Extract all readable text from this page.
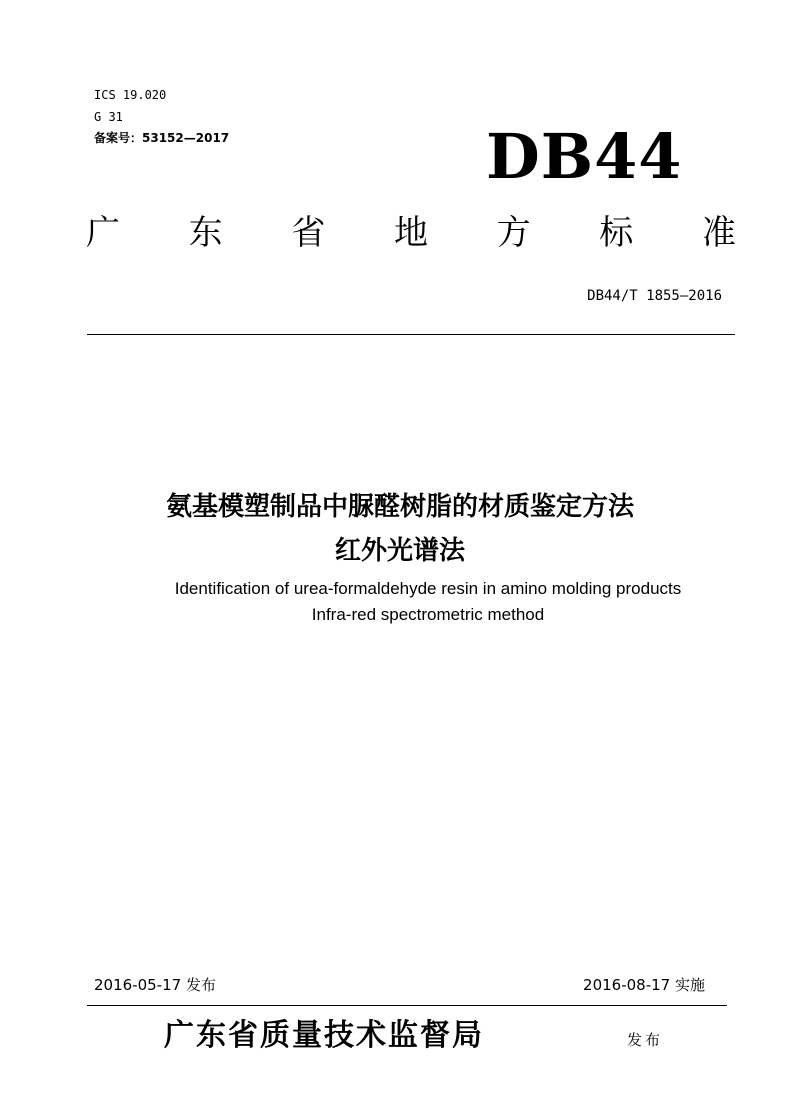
ICS 19.020
G 31
备案号：53152—2017	DB44
广 东 省 地 方 标 准
DB44/T 1855—2016
氨基模塑制品中脲醛树脂的材质鉴定方法
红外光谱法
Identification of urea-formaldehyde resin in amino molding products
Infra-red spectrometric method
2016-05-17 发布	2016-08-17 实施
广东省质量技术监督局	发布
